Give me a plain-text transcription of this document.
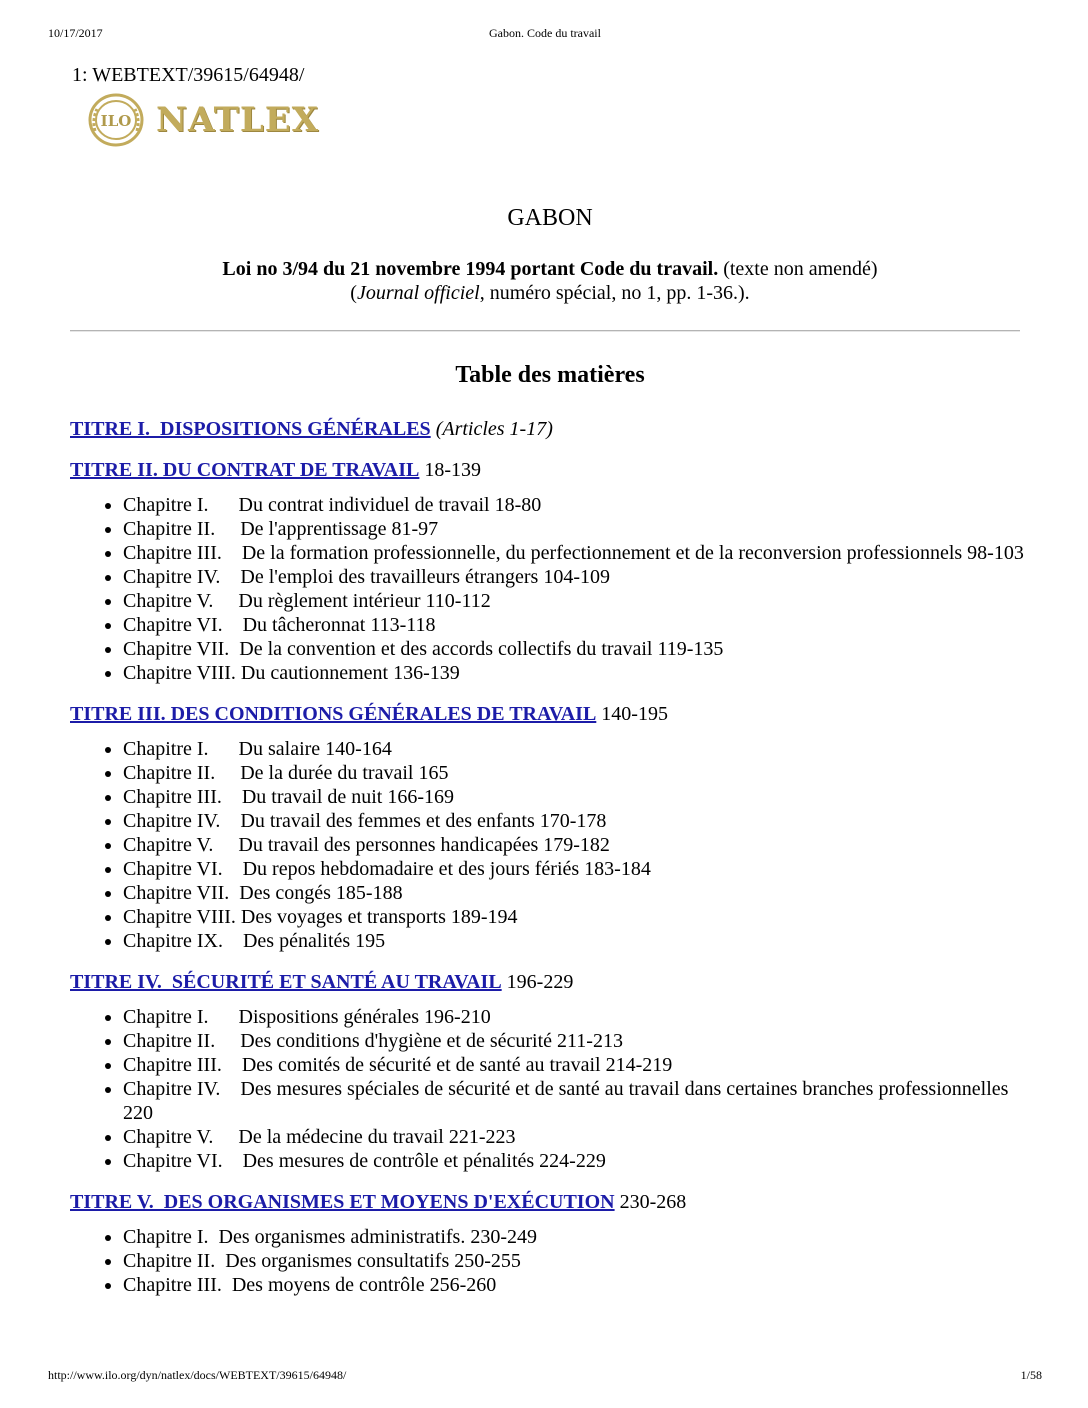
10/17/2017	Gabon. Code du travail
1: WEBTEXT/39615/64948/
ILO NATLEX
GABON
Loi no 3/94 du 21 novembre 1994 portant Code du travail. (texte non amendé)
(Journal officiel, numéro spécial, no 1, pp. 1-36.).
Table des matières
TITRE I.  DISPOSITIONS GÉNÉRALES (Articles 1-17)
TITRE II. DU CONTRAT DE TRAVAIL 18-139
• Chapitre I.      Du contrat individuel de travail 18-80
• Chapitre II.     De l'apprentissage 81-97
• Chapitre III.    De la formation professionnelle, du perfectionnement et de la reconversion professionnels 98-103
• Chapitre IV.    De l'emploi des travailleurs étrangers 104-109
• Chapitre V.     Du règlement intérieur 110-112
• Chapitre VI.    Du tâcheronnat 113-118
• Chapitre VII.  De la convention et des accords collectifs du travail 119-135
• Chapitre VIII. Du cautionnement 136-139
TITRE III. DES CONDITIONS GÉNÉRALES DE TRAVAIL 140-195
• Chapitre I.      Du salaire 140-164
• Chapitre II.     De la durée du travail 165
• Chapitre III.    Du travail de nuit 166-169
• Chapitre IV.    Du travail des femmes et des enfants 170-178
• Chapitre V.     Du travail des personnes handicapées 179-182
• Chapitre VI.    Du repos hebdomadaire et des jours fériés 183-184
• Chapitre VII.  Des congés 185-188
• Chapitre VIII. Des voyages et transports 189-194
• Chapitre IX.    Des pénalités 195
TITRE IV.  SÉCURITÉ ET SANTÉ AU TRAVAIL 196-229
• Chapitre I.      Dispositions générales 196-210
• Chapitre II.     Des conditions d'hygiène et de sécurité 211-213
• Chapitre III.    Des comités de sécurité et de santé au travail 214-219
• Chapitre IV.    Des mesures spéciales de sécurité et de santé au travail dans certaines branches professionnelles 220
• Chapitre V.     De la médecine du travail 221-223
• Chapitre VI.    Des mesures de contrôle et pénalités 224-229
TITRE V.  DES ORGANISMES ET MOYENS D'EXÉCUTION 230-268
• Chapitre I.  Des organismes administratifs. 230-249
• Chapitre II.  Des organismes consultatifs 250-255
• Chapitre III.  Des moyens de contrôle 256-260
http://www.ilo.org/dyn/natlex/docs/WEBTEXT/39615/64948/	1/58
